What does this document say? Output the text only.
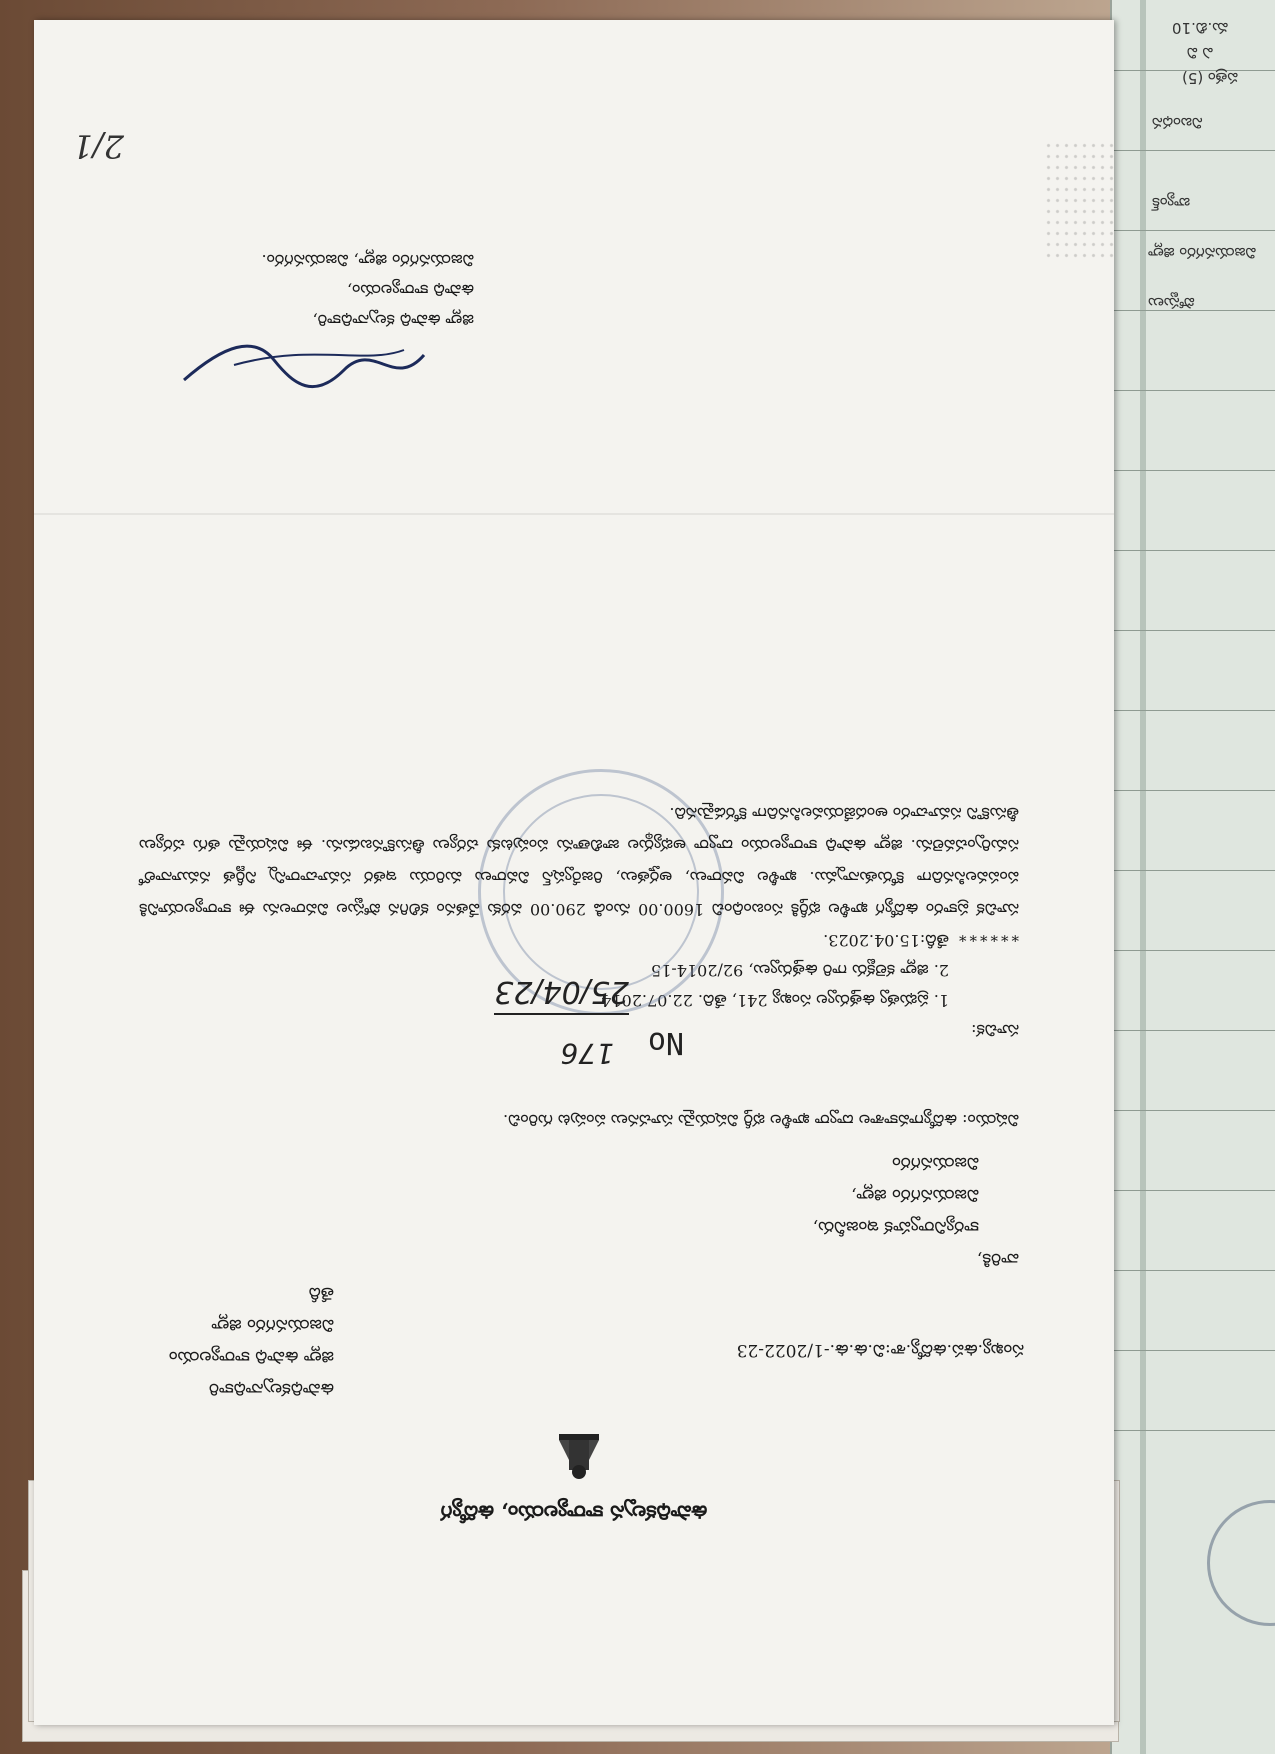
మ.బి.10
ఎ వి
పత్రం (5)
నిబంధన
బ్యాంక్
విజయనగరం జిల్లా
పోస్టులు
ఉపాధికల్పన కార్యాలయం, ఉద్యోగ
సంఖ్య.ఉప.ఉద్యో.శా:వి.ఉ.ఉ.-1/2022-23
ఉపాధికల్పనాధికారి
జిల్లా ఉపాధి కార్యాలయం
విజయనగరం జిల్లా
తేదీ
వారికి,
కార్యనిర్వాహక ఇంజనీరు,
విజయనగరం జిల్లా,
విజయనగరం
విషయం: ఉద్యోగావకాశాల ద్వారా ఖాళీల భర్తీ విషయమై సూచనలు పంపుట గురించి.
సూచిక:
1. ప్రభుత్వ ఉత్తర్వుల సంఖ్య 241, తేది. 22.07.2014
2. జిల్లా కలెక్టరు గారి ఉత్తర్వులు, 92/2014-15
తేదీ:15.04.2023. ******
సూచిక ప్రకారం ఉద్యోగ ఖాళీల భర్తీకి సంబంధించి 1600.00 నుండి 290.00 వరకు వేతనం కలిగిన పోస్టుల వివరాలను ఈ కార్యాలయానికి పంపవలసినదిగా కోరుతున్నాము. ఖాళీల వివరాలు, అర్హతలు, రిజర్వేషన్ వివరాలు మరియు ఇతర సమాచారాన్ని నిర్ణీత నమూనాలో సమర్పించవలెను. జిల్లా ఉపాధి కార్యాలయం ద్వారా అభ్యర్థుల జాబితాను పంపుటకు చర్యలు తీసుకొనబడును. ఈ విషయమై తగు చర్యలు తీసుకొని సమాచారం అందజేయవలసినదిగా కోరడమైనది.
జిల్లా ఉపాధి కల్పనాధికారి,
ఉపాధి కార్యాలయం,
విజయనగరం జిల్లా, విజయనగరం.
2/1
No
176
25/04/23
